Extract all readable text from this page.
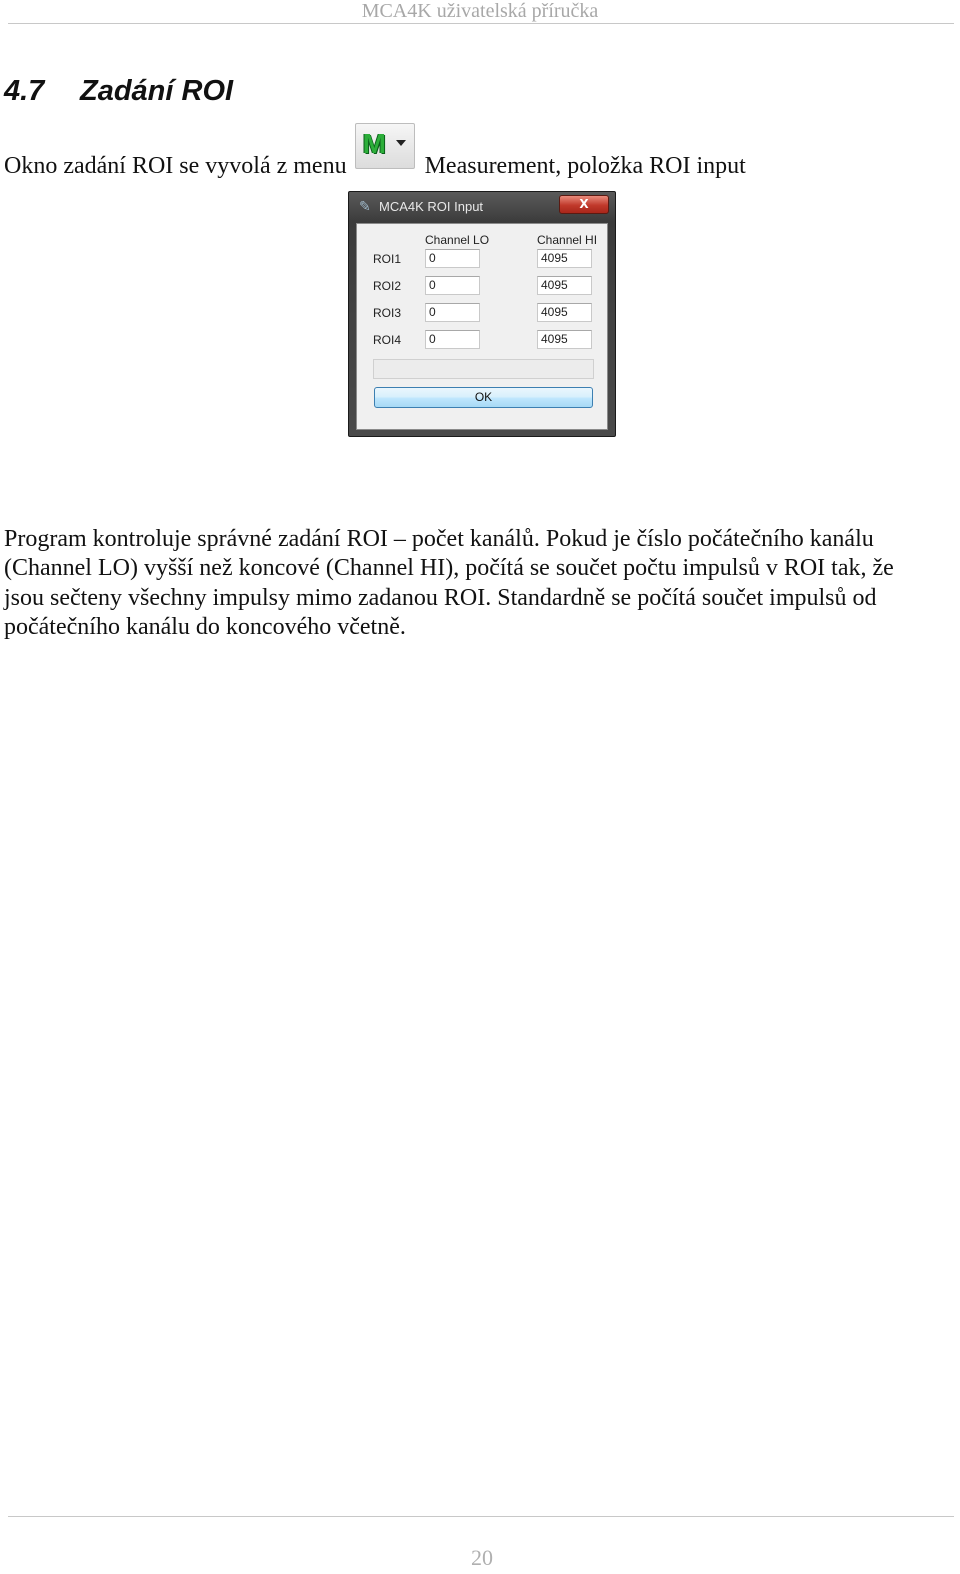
MCA4K uživatelská příručka
4.7 Zadání ROI
Okno zadání ROI se vyvolá z menu
M
Measurement, položka ROI input
✎ MCA4K ROI Input	X
Channel LO	Channel HI
ROI1	0	4095
ROI2	0	4095
ROI3	0	4095
ROI4	0	4095
OK

Program kontroluje správné zadání ROI – počet kanálů. Pokud je číslo počátečního kanálu
(Channel LO) vyšší než koncové (Channel HI), počítá se součet počtu impulsů v ROI tak, že
jsou sečteny všechny impulsy mimo zadanou ROI. Standardně se počítá součet impulsů od
počátečního kanálu do koncového včetně.

20
